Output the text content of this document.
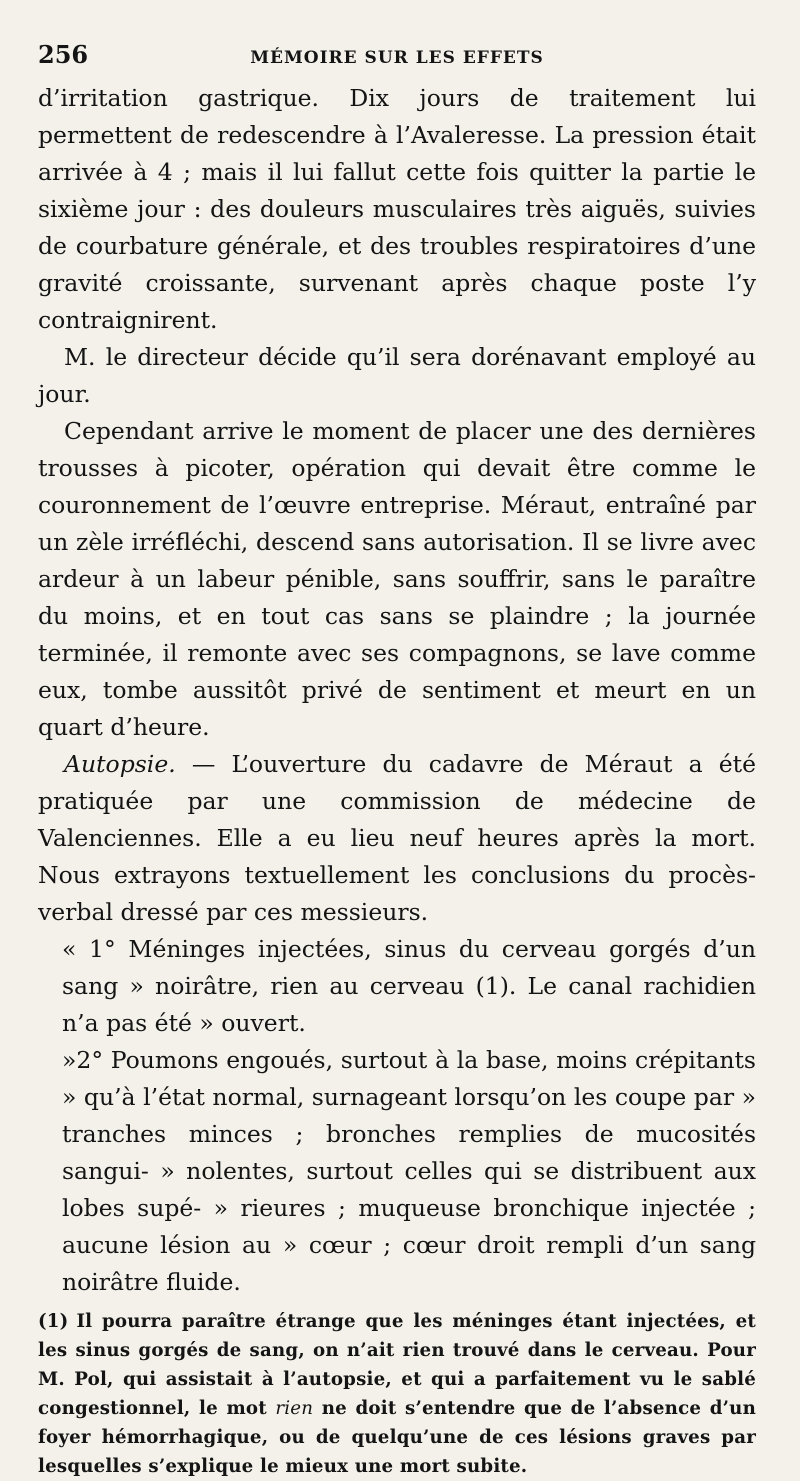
256	MÉMOIRE SUR LES EFFETS

d’irritation gastrique. Dix jours de traitement lui permettent de redescendre à l’Avaleresse. La pression était arrivée à 4 ; mais il lui fallut cette fois quitter la partie le sixième jour : des douleurs musculaires très aiguës, suivies de courbature générale, et des troubles respiratoires d’une gravité croissante, survenant après chaque poste l’y contraignirent.

M. le directeur décide qu’il sera dorénavant employé au jour.

Cependant arrive le moment de placer une des dernières trousses à picoter, opération qui devait être comme le couronnement de l’œuvre entreprise. Méraut, entraîné par un zèle irréfléchi, descend sans autorisation. Il se livre avec ardeur à un labeur pénible, sans souffrir, sans le paraître du moins, et en tout cas sans se plaindre ; la journée terminée, il remonte avec ses compagnons, se lave comme eux, tombe aussitôt privé de sentiment et meurt en un quart d’heure.

Autopsie. — L’ouverture du cadavre de Méraut a été pratiquée par une commission de médecine de Valenciennes. Elle a eu lieu neuf heures après la mort. Nous extrayons textuellement les conclusions du procès-verbal dressé par ces messieurs.

« 1° Méninges injectées, sinus du cerveau gorgés d’un sang » noirâtre, rien au cerveau (1). Le canal rachidien n’a pas été » ouvert.

»2° Poumons engoués, surtout à la base, moins crépitants » qu’à l’état normal, surnageant lorsqu’on les coupe par » tranches minces ; bronches remplies de mucosités sangui- » nolentes, surtout celles qui se distribuent aux lobes supé- » rieures ; muqueuse bronchique injectée ; aucune lésion au » cœur ; cœur droit rempli d’un sang noirâtre fluide.

(1) Il pourra paraître étrange que les méninges étant injectées, et les sinus gorgés de sang, on n’ait rien trouvé dans le cerveau. Pour M. Pol, qui assistait à l’autopsie, et qui a parfaitement vu le sablé congestionnel, le mot rien ne doit s’entendre que de l’absence d’un foyer hémorrhagique, ou de quelqu’une de ces lésions graves par lesquelles s’explique le mieux une mort subite.
